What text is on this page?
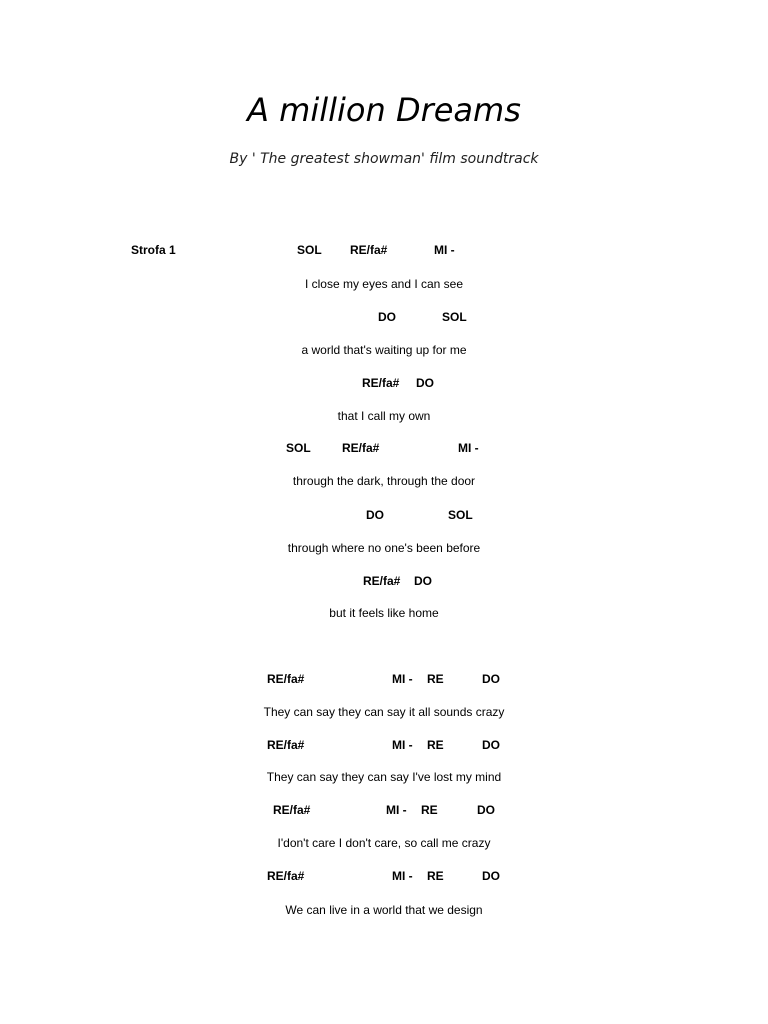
A million Dreams
By ' The greatest showman' film soundtrack
Strofa 1	SOL RE/fa#	MI -
I close my eyes and I can see
DO	SOL
a world that's waiting up for me
RE/fa# DO
that I call my own
SOL	RE/fa#	MI -
through the dark, through the door
DO	SOL
through where no one's been before
RE/fa# DO
but it feels like home
RE/fa#	MI - RE	DO
They can say they can say it all sounds crazy
RE/fa#	MI - RE	DO
They can say they can say I've lost my mind
RE/fa#	MI - RE	DO
I'don't care I don't care, so call me crazy
RE/fa#	MI - RE	DO
We can live in a world that we design
